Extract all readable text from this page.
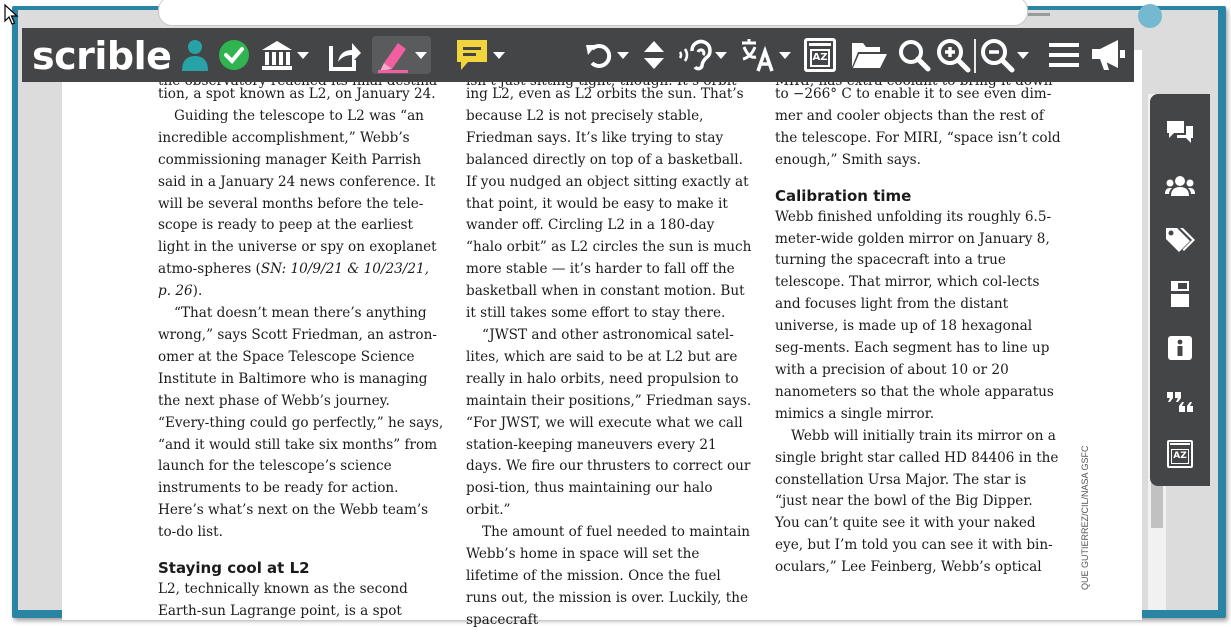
tion, a spot known as L2, on January 24.

Guiding the telescope to L2 was “an incredible accomplishment,” Webb’s commissioning manager Keith Parrish said in a January 24 news conference. It will be several months before the tele-scope is ready to peep at the earliest light in the universe or spy on exoplanet atmo-spheres (SN: 10/9/21 & 10/23/21, p. 26).

“That doesn’t mean there’s anything wrong,” says Scott Friedman, an astron-omer at the Space Telescope Science Institute in Baltimore who is managing the next phase of Webb’s journey. “Every-thing could go perfectly,” he says, “and it would still take six months” from launch for the telescope’s science instruments to be ready for action. Here’s what’s next on the Webb team’s to-do list.

Staying cool at L2

L2, technically known as the second Earth-sun Lagrange point, is a spot

ing L2, even as L2 orbits the sun. That’s because L2 is not precisely stable, Friedman says. It’s like trying to stay balanced directly on top of a basketball. If you nudged an object sitting exactly at that point, it would be easy to make it wander off. Circling L2 in a 180-day “halo orbit” as L2 circles the sun is much more stable — it’s harder to fall off the basketball when in constant motion. But it still takes some effort to stay there.

“JWST and other astronomical satel-lites, which are said to be at L2 but are really in halo orbits, need propulsion to maintain their positions,” Friedman says. “For JWST, we will execute what we call station-keeping maneuvers every 21 days. We fire our thrusters to correct our posi-tion, thus maintaining our halo orbit.”

The amount of fuel needed to maintain Webb’s home in space will set the lifetime of the mission. Once the fuel runs out, the mission is over. Luckily, the spacecraft

to −266° C to enable it to see even dim-mer and cooler objects than the rest of the telescope. For MIRI, “space isn’t cold enough,” Smith says.

Calibration time

Webb finished unfolding its roughly 6.5-meter-wide golden mirror on January 8, turning the spacecraft into a true telescope. That mirror, which col-lects and focuses light from the distant universe, is made up of 18 hexagonal seg-ments. Each segment has to line up with a precision of about 10 or 20 nanometers so that the whole apparatus mimics a single mirror.

Webb will initially train its mirror on a single bright star called HD 84406 in the constellation Ursa Major. The star is “just near the bowl of the Big Dipper. You can’t quite see it with your naked eye, but I’m told you can see it with bin-oculars,” Lee Feinberg, Webb’s optical	QUE GUTIERREZ/CIL/NASA GSFC
scrible	AZ
AZ
